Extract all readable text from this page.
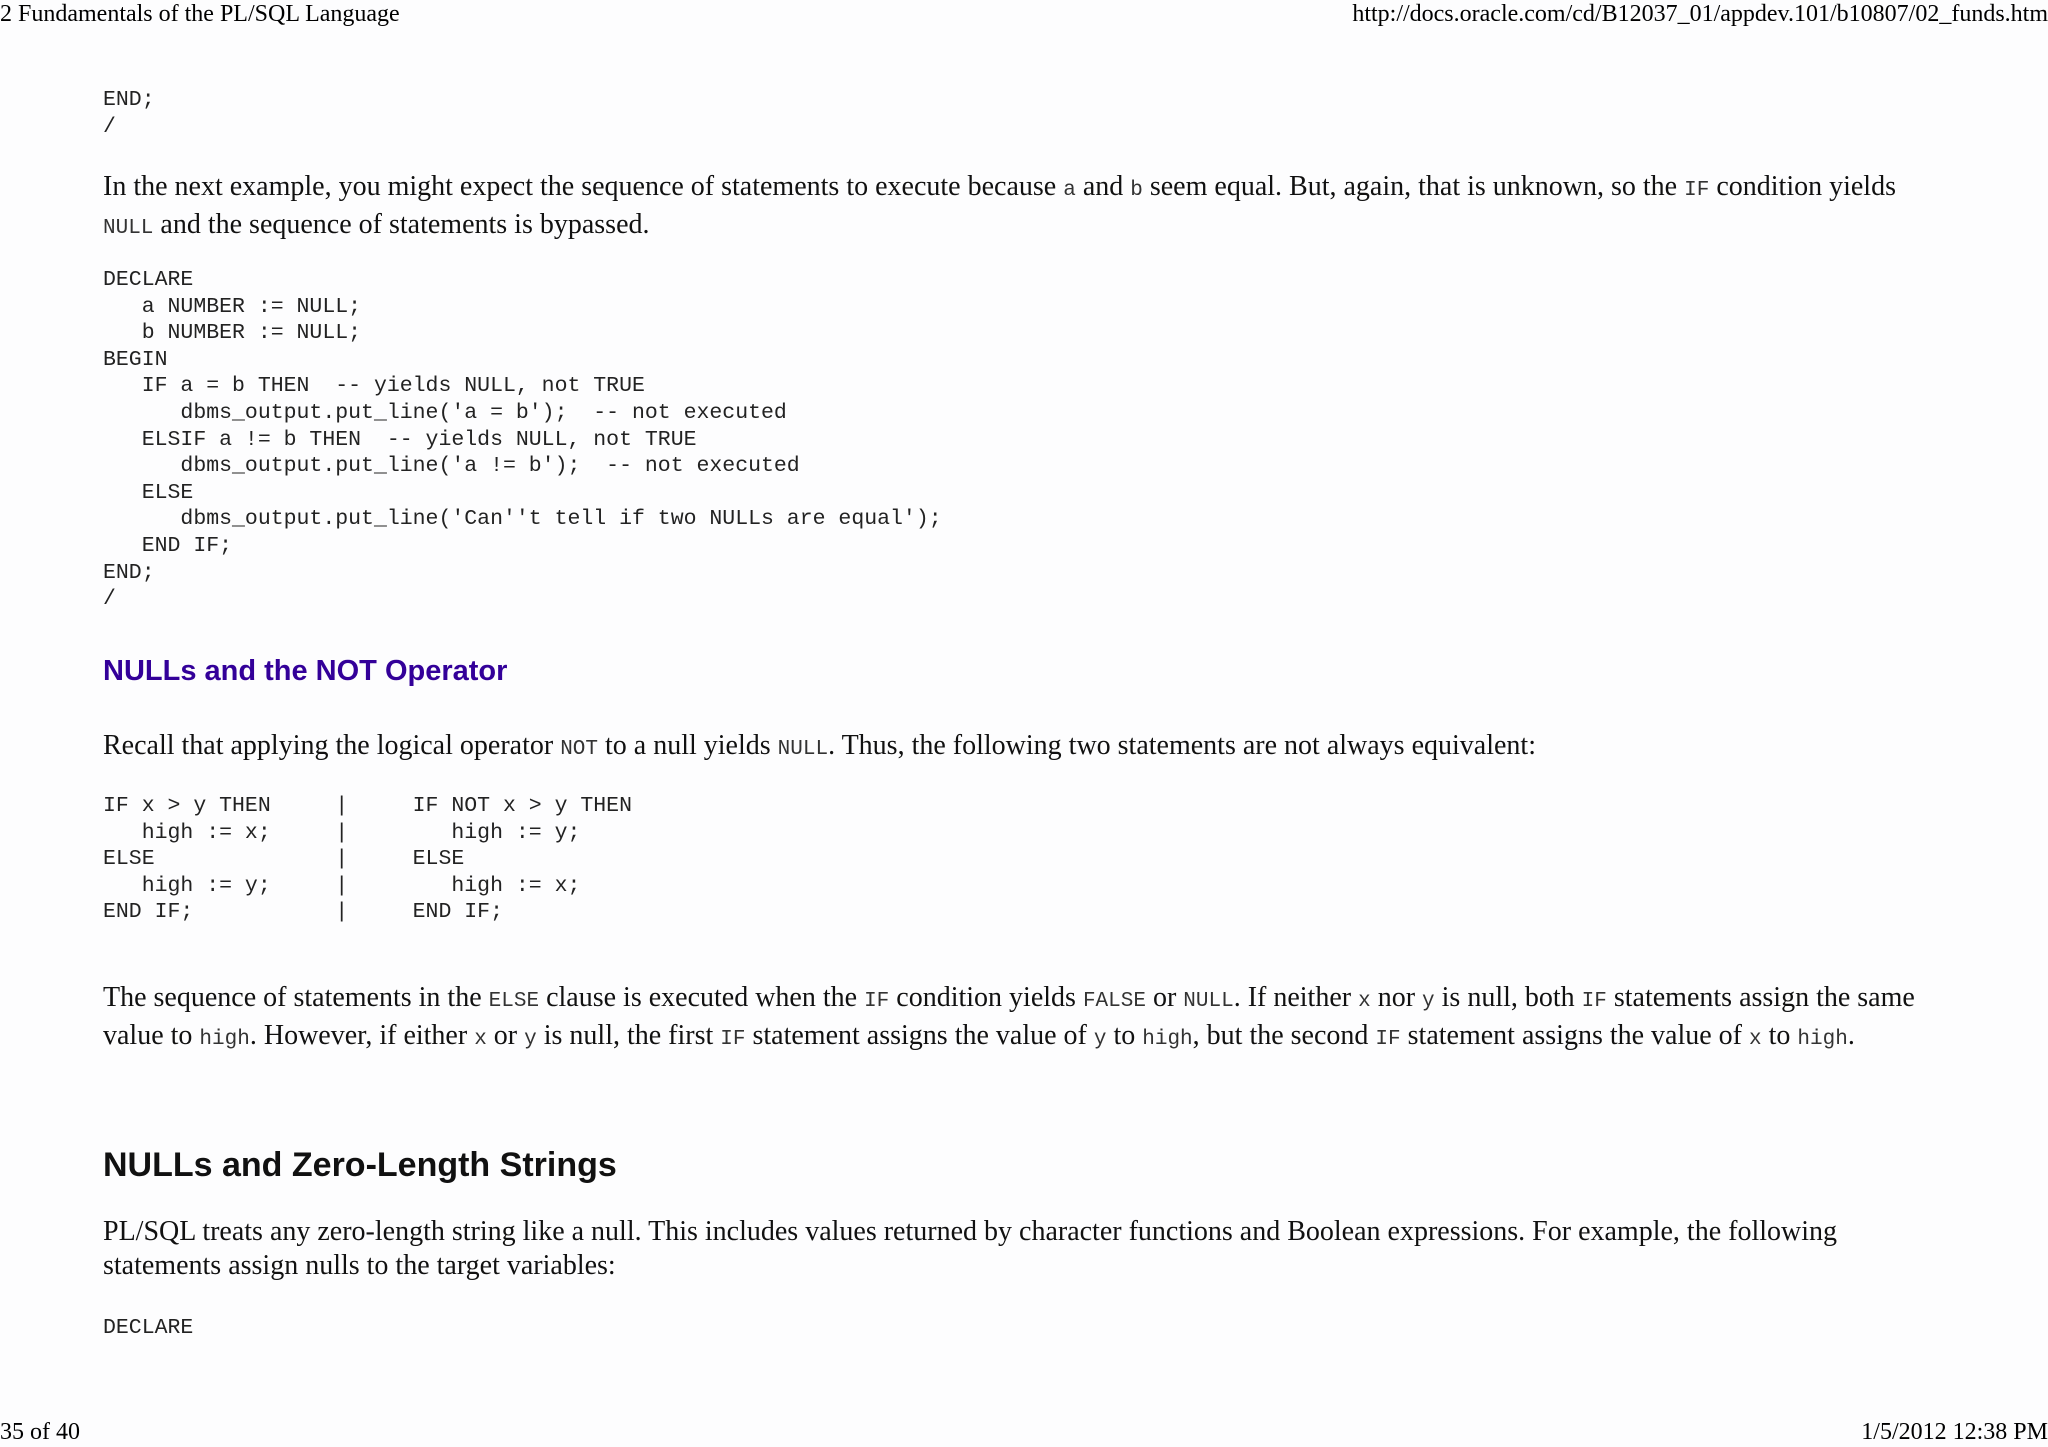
2 Fundamentals of the PL/SQL Language	http://docs.oracle.com/cd/B12037_01/appdev.101/b10807/02_funds.htm
END;
/

In the next example, you might expect the sequence of statements to execute because a and b seem equal. But, again, that is unknown, so the IF condition yields NULL and the sequence of statements is bypassed.

DECLARE
a NUMBER := NULL;
b NUMBER := NULL;
BEGIN
IF a = b THEN  -- yields NULL, not TRUE
dbms_output.put_line('a = b');  -- not executed
ELSIF a != b THEN  -- yields NULL, not TRUE
dbms_output.put_line('a != b');  -- not executed
ELSE
dbms_output.put_line('Can''t tell if two NULLs are equal');
END IF;
END;
/
NULLs and the NOT Operator

Recall that applying the logical operator NOT to a null yields NULL. Thus, the following two statements are not always equivalent:

IF x > y THEN     |     IF NOT x > y THEN
high := x;     |        high := y;
ELSE              |     ELSE
high := y;     |        high := x;
END IF;           |     END IF;

The sequence of statements in the ELSE clause is executed when the IF condition yields FALSE or NULL. If neither x nor y is null, both IF statements assign the same value to high. However, if either x or y is null, the first IF statement assigns the value of y to high, but the second IF statement assigns the value of x to high.

NULLs and Zero-Length Strings

PL/SQL treats any zero-length string like a null. This includes values returned by character functions and Boolean expressions. For example, the following statements assign nulls to the target variables:

DECLARE
35 of 40	1/5/2012 12:38 PM
